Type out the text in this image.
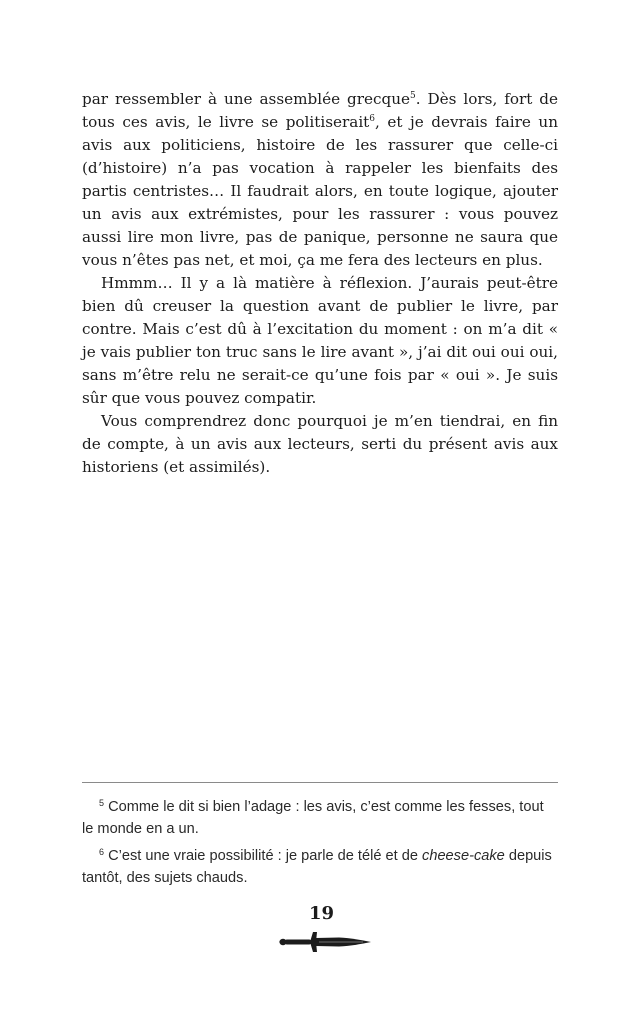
par ressembler à une assemblée grecque$^5$. Dès lors, fort de tous ces avis, le livre se politiserait$^6$, et je devrais faire un avis aux politiciens, histoire de les rassurer que celle-ci (d’histoire) n’a pas vocation à rappeler les bienfaits des partis centristes… Il faudrait alors, en toute logique, ajouter un avis aux extrémistes, pour les rassurer : vous pouvez aussi lire mon livre, pas de panique, personne ne saura que vous n’êtes pas net, et moi, ça me fera des lecteurs en plus.

Hmmm… Il y a là matière à réflexion. J’aurais peut-être bien dû creuser la question avant de publier le livre, par contre. Mais c’est dû à l’excitation du moment : on m’a dit « je vais publier ton truc sans le lire avant », j’ai dit oui oui oui, sans m’être relu ne serait-ce qu’une fois par « oui ». Je suis sûr que vous pouvez compatir.

Vous comprendrez donc pourquoi je m’en tiendrai, en fin de compte, à un avis aux lecteurs, serti du présent avis aux historiens (et assimilés).

$^5$ Comme le dit si bien l’adage : les avis, c’est comme les fesses, tout le monde en a un.

$^6$ C’est une vraie possibilité : je parle de télé et de cheese-cake depuis tantôt, des sujets chauds.

19
